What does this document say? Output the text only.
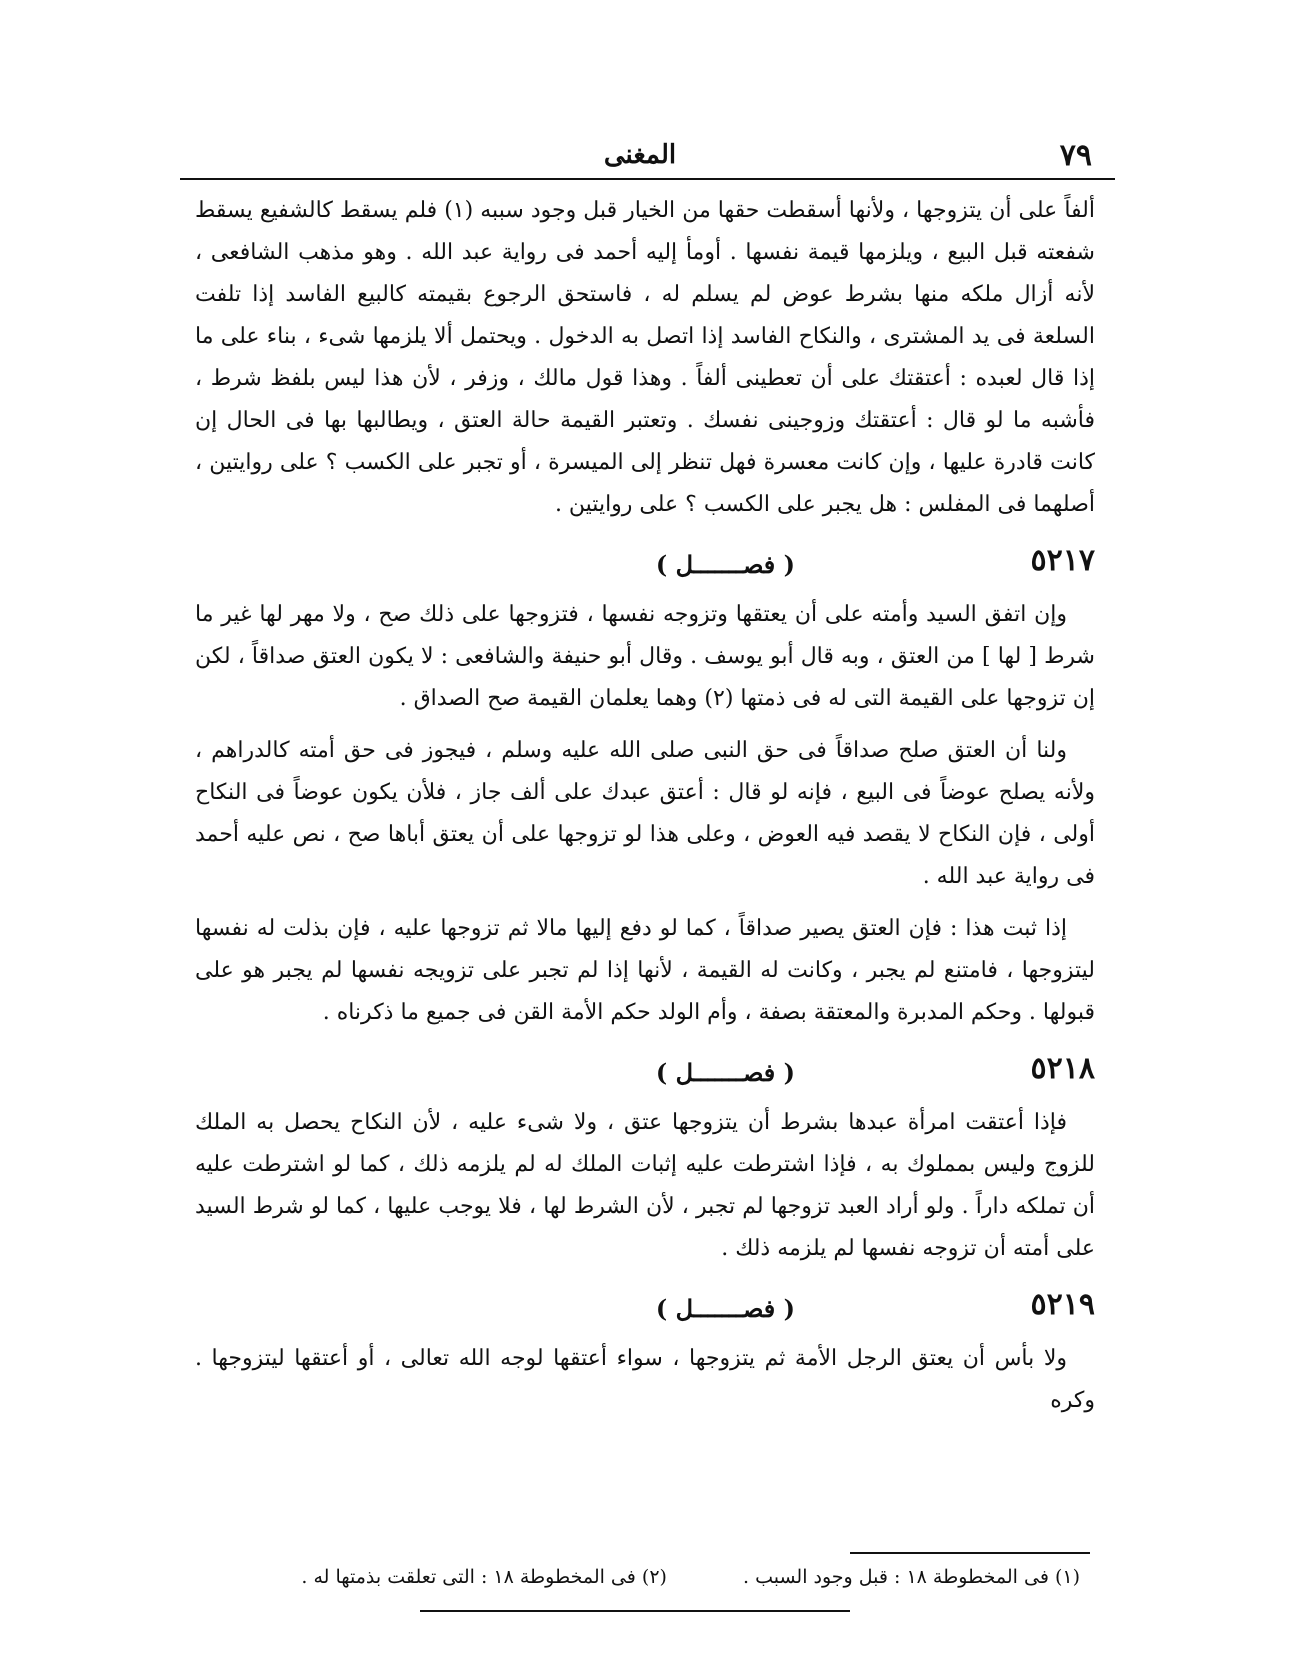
٧٩
المغنى

ألفاً على أن يتزوجها ، ولأنها أسقطت حقها من الخيار قبل وجود سببه (١) فلم يسقط كالشفيع يسقط شفعته قبل البيع ، ويلزمها قيمة نفسها . أومأ إليه أحمد فى رواية عبد الله . وهو مذهب الشافعى ، لأنه أزال ملكه منها بشرط عوض لم يسلم له ، فاستحق الرجوع بقيمته كالبيع الفاسد إذا تلفت السلعة فى يد المشترى ، والنكاح الفاسد إذا اتصل به الدخول . ويحتمل ألا يلزمها شىء ، بناء على ما إذا قال لعبده : أعتقتك على أن تعطينى ألفاً . وهذا قول مالك ، وزفر ، لأن هذا ليس بلفظ شرط ، فأشبه ما لو قال : أعتقتك وزوجينى نفسك . وتعتبر القيمة حالة العتق ، ويطالبها بها فى الحال إن كانت قادرة عليها ، وإن كانت معسرة فهل تنظر إلى الميسرة ، أو تجبر على الكسب ؟ على روايتين ، أصلهما فى المفلس : هل يجبر على الكسب ؟ على روايتين .

٥٢١٧
( فصـــــــل )

وإن اتفق السيد وأمته على أن يعتقها وتزوجه نفسها ، فتزوجها على ذلك صح ، ولا مهر لها غير ما شرط [ لها ] من العتق ، وبه قال أبو يوسف . وقال أبو حنيفة والشافعى : لا يكون العتق صداقاً ، لكن إن تزوجها على القيمة التى له فى ذمتها (٢) وهما يعلمان القيمة صح الصداق .

ولنا أن العتق صلح صداقاً فى حق النبى صلى الله عليه وسلم ، فيجوز فى حق أمته كالدراهم ، ولأنه يصلح عوضاً فى البيع ، فإنه لو قال : أعتق عبدك على ألف جاز ، فلأن يكون عوضاً فى النكاح أولى ، فإن النكاح لا يقصد فيه العوض ، وعلى هذا لو تزوجها على أن يعتق أباها صح ، نص عليه أحمد فى رواية عبد الله .

إذا ثبت هذا : فإن العتق يصير صداقاً ، كما لو دفع إليها مالا ثم تزوجها عليه ، فإن بذلت له نفسها ليتزوجها ، فامتنع لم يجبر ، وكانت له القيمة ، لأنها إذا لم تجبر على تزويجه نفسها لم يجبر هو على قبولها . وحكم المدبرة والمعتقة بصفة ، وأم الولد حكم الأمة القن فى جميع ما ذكرناه .

٥٢١٨
( فصـــــــل )

فإذا أعتقت امرأة عبدها بشرط أن يتزوجها عتق ، ولا شىء عليه ، لأن النكاح يحصل به الملك للزوج وليس بمملوك به ، فإذا اشترطت عليه إثبات الملك له لم يلزمه ذلك ، كما لو اشترطت عليه أن تملكه داراً . ولو أراد العبد تزوجها لم تجبر ، لأن الشرط لها ، فلا يوجب عليها ، كما لو شرط السيد على أمته أن تزوجه نفسها لم يلزمه ذلك .

٥٢١٩
( فصـــــــل )

ولا بأس أن يعتق الرجل الأمة ثم يتزوجها ، سواء أعتقها لوجه الله تعالى ، أو أعتقها ليتزوجها . وكره

(١) فى المخطوطة ١٨ : قبل وجود السبب . (٢) فى المخطوطة ١٨ : التى تعلقت بذمتها له .
